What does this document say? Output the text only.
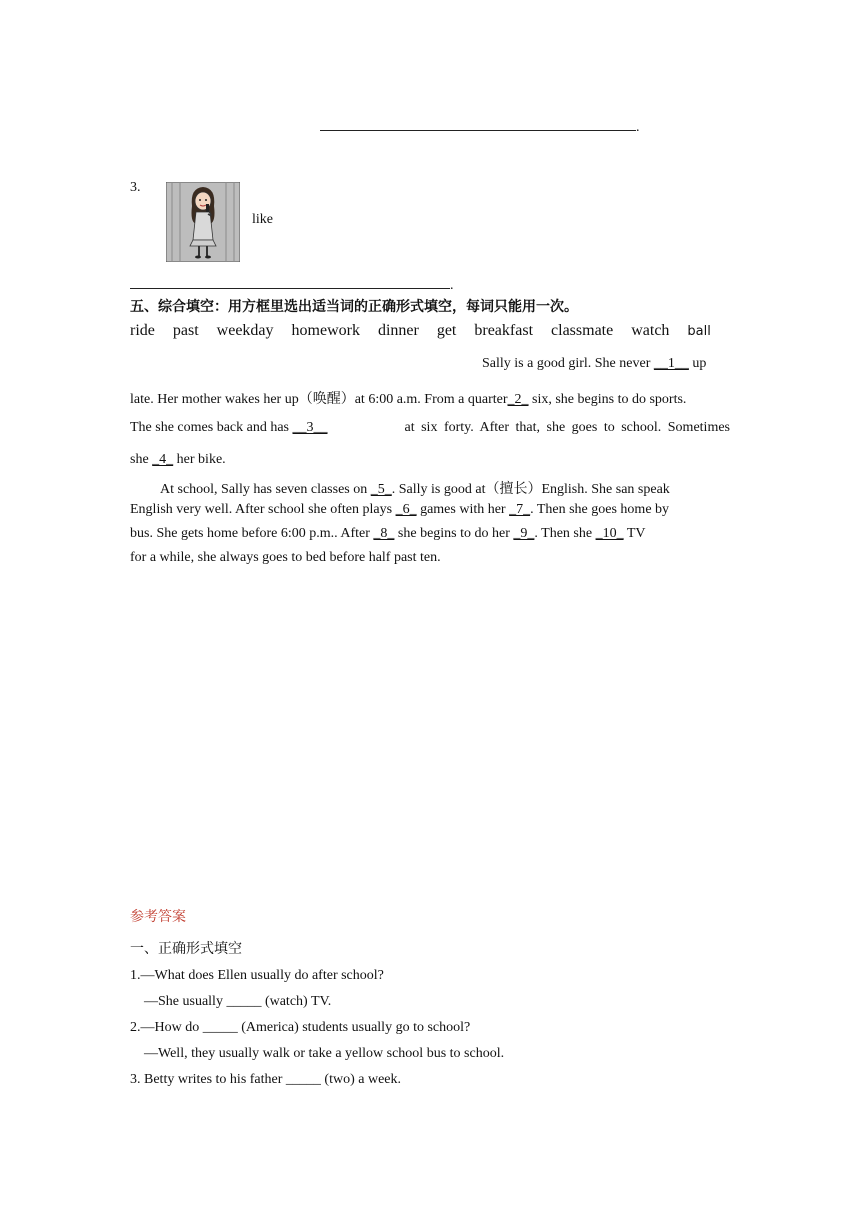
.
3.
like
.
五、综合填空：用方框里选出适当词的正确形式填空，每词只能用一次。
ride past weekday homework dinner get breakfast classmate watch ball
Sally is a good girl. She never __1__ up
late. Her mother wakes her up（唤醒）at 6:00 a.m. From a quarter_2_ six, she begins to do sports.
The she comes back and has __3__	at six forty. After that, she goes to school. Sometimes
she _4_ her bike.
At school, Sally has seven classes on _5_. Sally is good at（擅长）English. She san speak
English very well. After school she often plays _6_ games with her _7_. Then she goes home by
bus. She gets home before 6:00 p.m.. After _8_ she begins to do her _9_. Then she _10_ TV
for a while, she always goes to bed before half past ten.
参考答案
一、正确形式填空
1.—What does Ellen usually do after school?
—She usually _____ (watch) TV.
2.—How do _____ (America) students usually go to school?
—Well, they usually walk or take a yellow school bus to school.
3. Betty writes to his father _____ (two) a week.
